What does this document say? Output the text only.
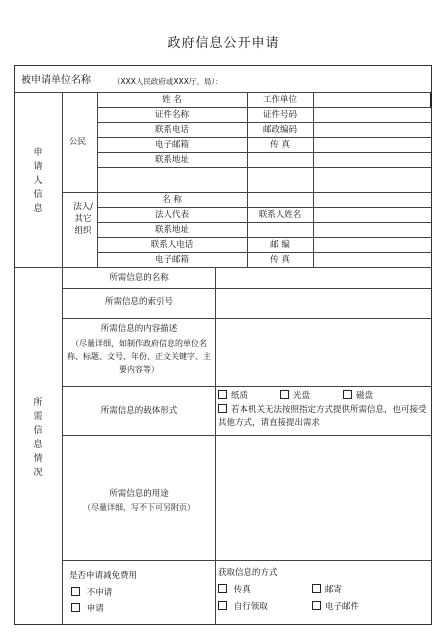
政府信息公开申请
被申请单位名称	（XXX人民政府或XXX厅、局）：
申请人信息
公民
姓 名	工作单位
证件名称	证件号码
联系电话	邮政编码
电子邮箱	传 真
联系地址
法人/其它组织
名 称
法人代表	联系人姓名
联系地址
联系人电话	邮 编
电子邮箱	传 真
所需信息情况
所需信息的名称
所需信息的索引号
所需信息的内容描述
（尽量详细，如制作政府信息的单位名称、标题、文号、年份、正文关键字、主要内容等）
所需信息的载体形式
纸质	光盘	磁盘
若本机关无法按照指定方式提供所需信息，也可接受其他方式，请直接提出需求
所需信息的用途
（尽量详细，写不下可另附页）
是否申请减免费用
不申请
申请
获取信息的方式
传真	邮寄
自行领取	电子邮件
